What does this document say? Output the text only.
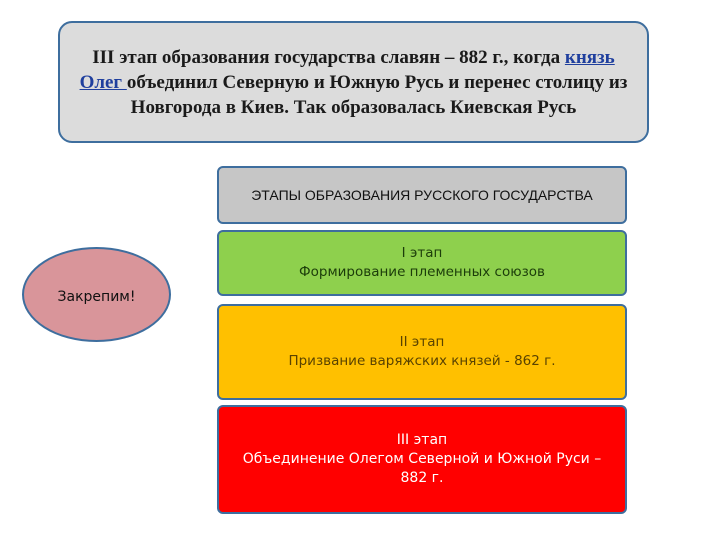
III этап образования государства славян – 882 г., когда князь Олег объединил Северную и Южную Русь и перенес столицу из Новгорода в Киев. Так образовалась Киевская Русь
ЭТАПЫ ОБРАЗОВАНИЯ РУССКОГО ГОСУДАРСТВА
I этап
Формирование племенных союзов
II этап
Призвание варяжских князей - 862 г.
III этап
Объединение Олегом Северной и Южной Руси – 882 г.
Закрепим!
